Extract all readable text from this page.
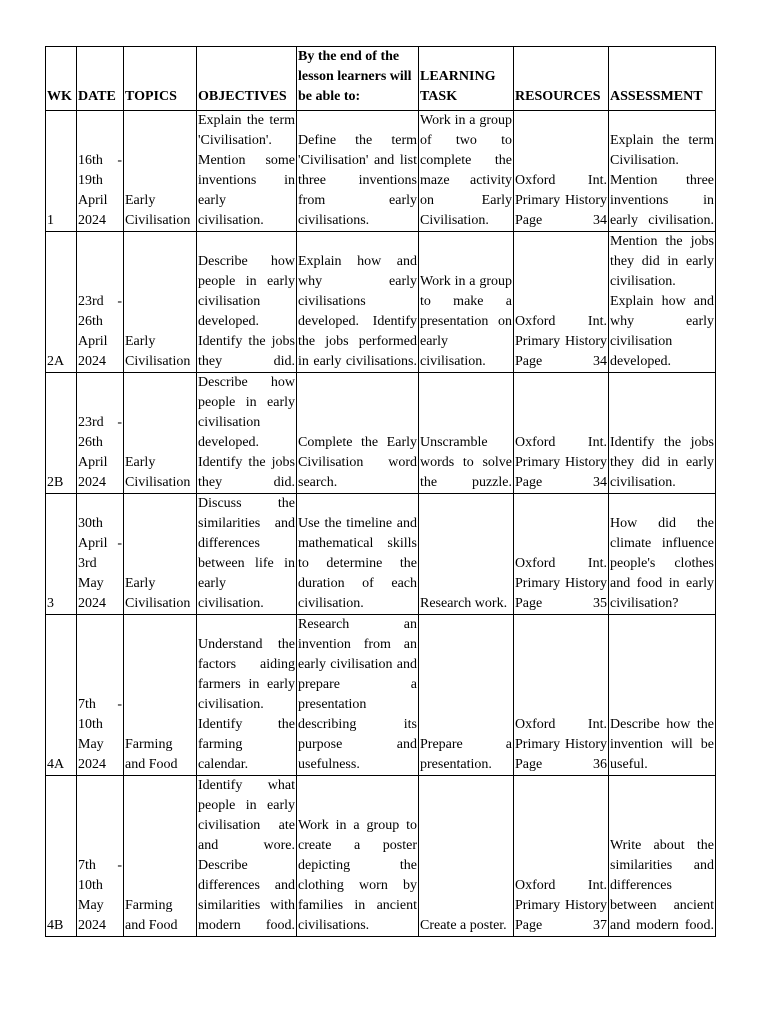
WK	DATE	TOPICS	OBJECTIVES	By the end of the lesson learners will be able to:	LEARNING TASK	RESOURCES	ASSESSMENT
1	16th - 19th April 2024	Early Civilisation	Explain the term 'Civilisation'. Mention some inventions in early civilisation.	Define the term 'Civilisation' and list three inventions from early civilisations.	Work in a group of two to complete the maze activity on Early Civilisation.	Oxford Int. Primary History Page 34	Explain the term Civilisation. Mention three inventions in early civilisation.
2A	23rd - 26th April 2024	Early Civilisation	Describe how people in early civilisation developed. Identify the jobs they did.	Explain how and why early civilisations developed. Identify the jobs performed in early civilisations.	Work in a group to make a presentation on early civilisation.	Oxford Int. Primary History Page 34	Mention the jobs they did in early civilisation. Explain how and why early civilisation developed.
2B	23rd - 26th April 2024	Early Civilisation	Describe how people in early civilisation developed. Identify the jobs they did.	Complete the Early Civilisation word search.	Unscramble words to solve the puzzle.	Oxford Int. Primary History Page 34	Identify the jobs they did in early civilisation.
3	30th April - 3rd May 2024	Early Civilisation	Discuss the similarities and differences between life in early civilisation.	Use the timeline and mathematical skills to determine the duration of each civilisation.	Research work.	Oxford Int. Primary History Page 35	How did the climate influence people's clothes and food in early civilisation?
4A	7th - 10th May 2024	Farming and Food	Understand the factors aiding farmers in early civilisation. Identify the farming calendar.	Research an invention from an early civilisation and prepare a presentation describing its purpose and usefulness.	Prepare a presentation.	Oxford Int. Primary History Page 36	Describe how the invention will be useful.
4B	7th - 10th May 2024	Farming and Food	Identify what people in early civilisation ate and wore. Describe differences and similarities with modern food.	Work in a group to create a poster depicting the clothing worn by families in ancient civilisations.	Create a poster.	Oxford Int. Primary History Page 37	Write about the similarities and differences between ancient and modern food.
